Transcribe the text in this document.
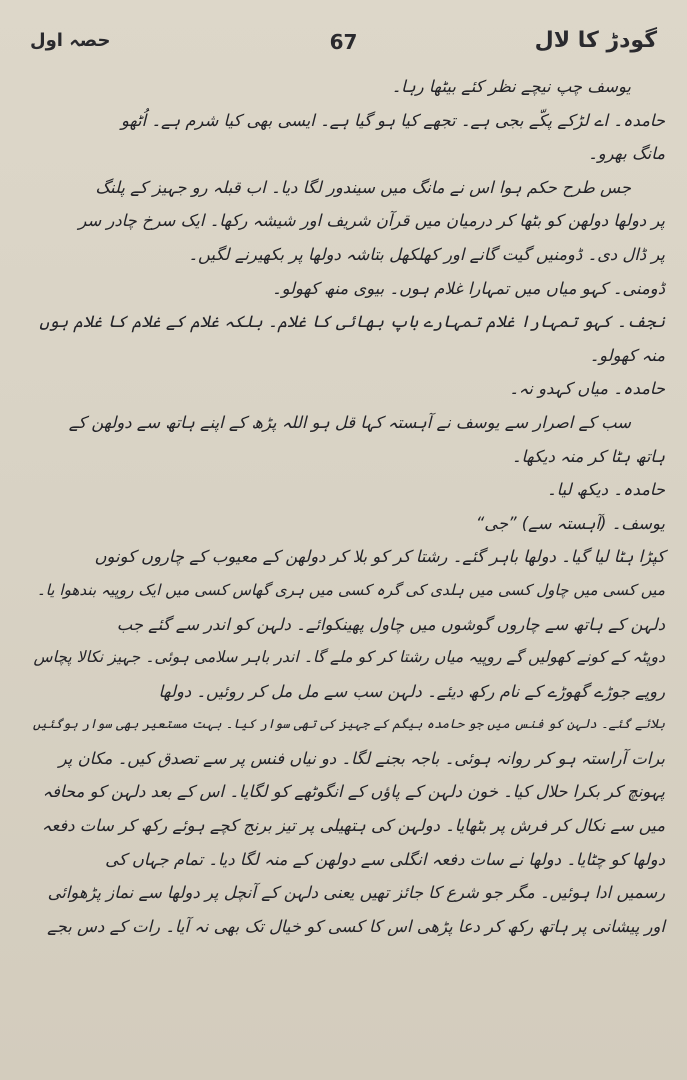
گودڑ کا لال
67
حصہ اول

یوسف چپ نیچے نظر کئے بیٹھا رہا۔

حامدہ۔ اے لڑکے پکّے بجی ہے۔ تجھے کیا ہو گیا ہے۔ ایسی بھی کیا شرم ہے۔ اُٹھو

مانگ بھرو۔

جس طرح حکم ہوا اس نے مانگ میں سیندور لگا دیا۔ اب قبلہ رو جہیز کے پلنگ

پر دولھا دولھن کو بٹھا کر درمیان میں قرآن شریف اور شیشہ رکھا۔ ایک سرخ چادر سر

پر ڈال دی۔ ڈومنیں گیت گانے اور کھلکھل بتاشہ دولھا پر بکھیرنے لگیں۔

ڈومنی۔ کہو میاں میں تمہارا غلام ہوں۔ بیوی منھ کھولو۔

نجف۔ کہو تمہارا غلام تمہارے باپ بھائی کا غلام۔ بلکہ غلام کے غلام کا غلام ہوں

منہ کھولو۔

حامدہ۔ میاں کہدو نہ۔

سب کے اصرار سے یوسف نے آہستہ کہا قل ہو اللہ پڑھ کے اپنے ہاتھ سے دولھن کے

ہاتھ ہٹا کر منہ دیکھا۔

حامدہ۔ دیکھ لیا۔

یوسف۔ (آہستہ سے) ”جی“

کپڑا ہٹا لیا گیا۔ دولھا باہر گئے۔ رشتا کر کو بلا کر دولھن کے معیوب کے چاروں کونوں

میں کسی میں چاول کسی میں ہلدی کی گرہ کسی میں ہری گھاس کسی میں ایک روپیہ بندھوا یا۔

دلہن کے ہاتھ سے چاروں گوشوں میں چاول پھینکوائے۔ دلہن کو اندر سے گئے جب

دوپٹہ کے کونے کھولیں گے روپیہ میاں رشتا کر کو ملے گا۔ اندر باہر سلامی ہوئی۔ جہیز نکالا پچاس

روپے جوڑے گھوڑے کے نام رکھ دیئے۔ دلہن سب سے مل مل کر روئیں۔ دولھا

بلائے گئے۔ دلہن کو فنس میں جو حامدہ بیگم کے جہیز کی تھی سوار کیا۔ بہت مستعیر بھی سوار ہوگئیں

برات آراستہ ہو کر روانہ ہوئی۔ باجہ بجنے لگا۔ دو نیاں فنس پر سے تصدق کیں۔ مکان پر

پہونچ کر بکرا حلال کیا۔ خون دلہن کے پاؤں کے انگوٹھے کو لگایا۔ اس کے بعد دلہن کو محافہ

میں سے نکال کر فرش پر بٹھایا۔ دولہن کی ہتھیلی پر تیز برنج کچے ہوئے رکھ کر سات دفعہ

دولھا کو چٹایا۔ دولھا نے سات دفعہ انگلی سے دولھن کے منہ لگا دیا۔ تمام جہاں کی

رسمیں ادا ہوئیں۔ مگر جو شرع کا جائز تھیں یعنی دلہن کے آنچل پر دولھا سے نماز پڑھوائی

اور پیشانی پر ہاتھ رکھ کر دعا پڑھی اس کا کسی کو خیال تک بھی نہ آیا۔ رات کے دس بجے
